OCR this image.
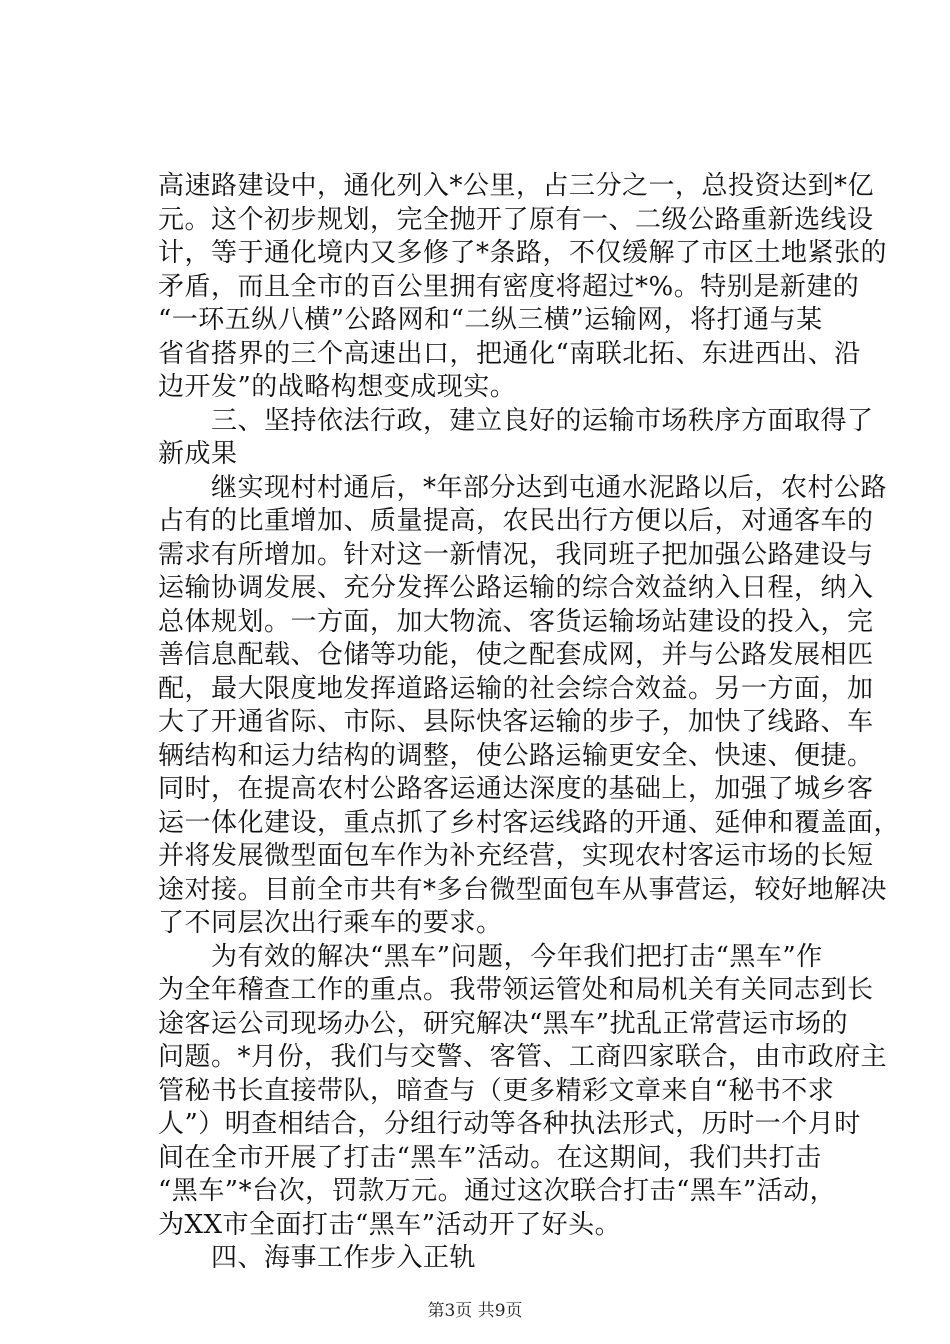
高速路建设中，通化列入*公里，占三分之一，总投资达到*亿
元。这个初步规划，完全抛开了原有一、二级公路重新选线设
计，等于通化境内又多修了*条路，不仅缓解了市区土地紧张的
矛盾，而且全市的百公里拥有密度将超过*%。特别是新建的
“一环五纵八横”公路网和“二纵三横”运输网，将打通与某
省省搭界的三个高速出口，把通化“南联北拓、东进西出、沿
边开发”的战略构想变成现实。
　　三、坚持依法行政，建立良好的运输市场秩序方面取得了
新成果
　　继实现村村通后，*年部分达到屯通水泥路以后，农村公路
占有的比重增加、质量提高，农民出行方便以后，对通客车的
需求有所增加。针对这一新情况，我同班子把加强公路建设与
运输协调发展、充分发挥公路运输的综合效益纳入日程，纳入
总体规划。一方面，加大物流、客货运输场站建设的投入，完
善信息配载、仓储等功能，使之配套成网，并与公路发展相匹
配，最大限度地发挥道路运输的社会综合效益。另一方面，加
大了开通省际、市际、县际快客运输的步子，加快了线路、车
辆结构和运力结构的调整，使公路运输更安全、快速、便捷。
同时，在提高农村公路客运通达深度的基础上，加强了城乡客
运一体化建设，重点抓了乡村客运线路的开通、延伸和覆盖面，
并将发展微型面包车作为补充经营，实现农村客运市场的长短
途对接。目前全市共有*多台微型面包车从事营运，较好地解决
了不同层次出行乘车的要求。
　　为有效的解决“黑车”问题，今年我们把打击“黑车”作
为全年稽查工作的重点。我带领运管处和局机关有关同志到长
途客运公司现场办公，研究解决“黑车”扰乱正常营运市场的
问题。*月份，我们与交警、客管、工商四家联合，由市政府主
管秘书长直接带队，暗查与（更多精彩文章来自“秘书不求
人”）明查相结合，分组行动等各种执法形式，历时一个月时
间在全市开展了打击“黑车”活动。在这期间，我们共打击
“黑车”*台次，罚款万元。通过这次联合打击“黑车”活动，
为XX市全面打击“黑车”活动开了好头。
　　四、海事工作步入正轨
第3页 共9页
